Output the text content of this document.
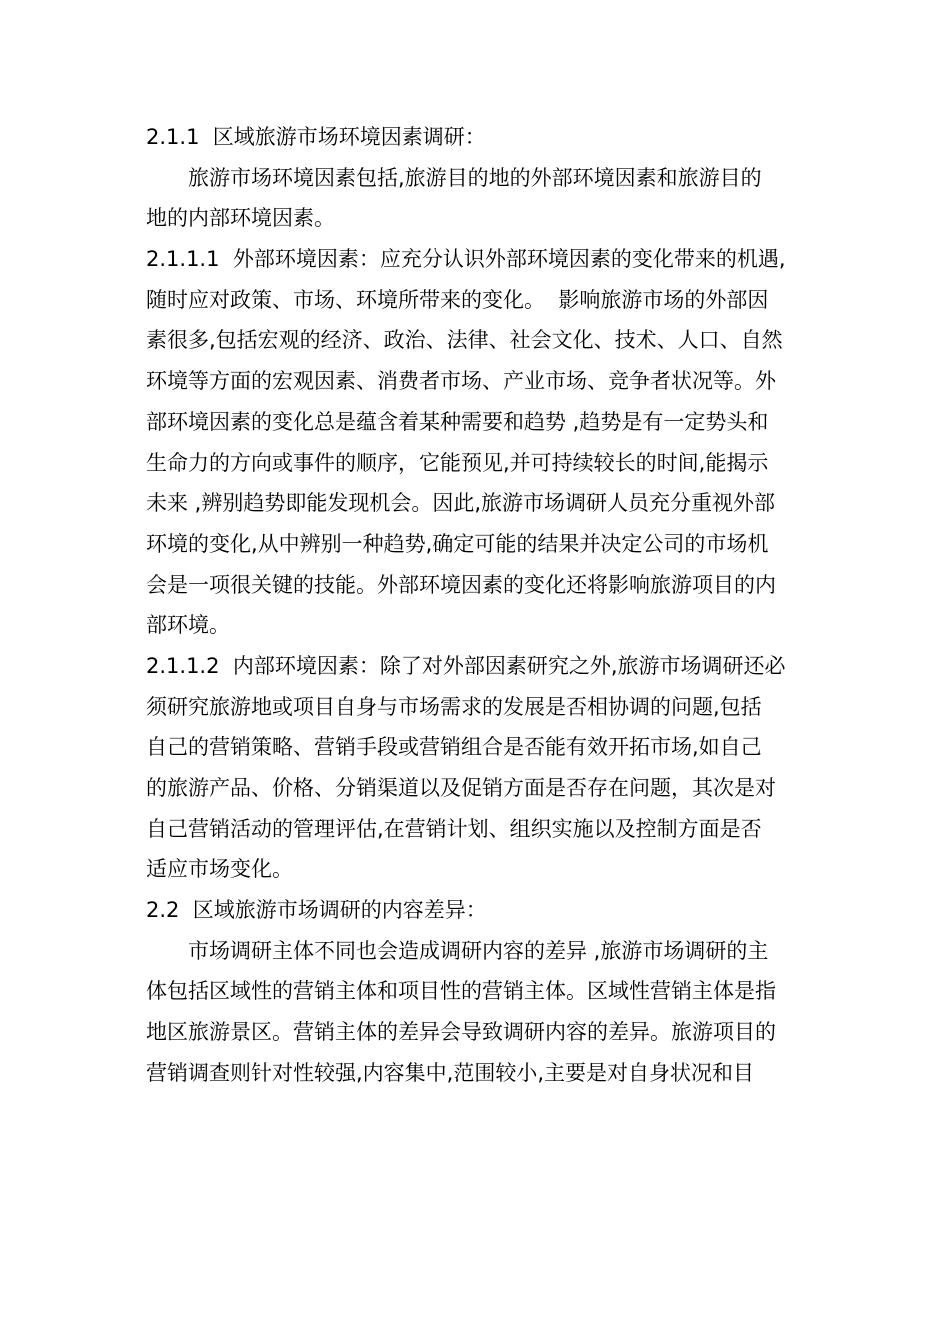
2.1.1  区域旅游市场环境因素调研：
旅游市场环境因素包括,旅游目的地的外部环境因素和旅游目的
地的内部环境因素。
2.1.1.1  外部环境因素：应充分认识外部环境因素的变化带来的机遇,
随时应对政策、市场、环境所带来的变化。  影响旅游市场的外部因
素很多,包括宏观的经济、政治、法律、社会文化、技术、人口、自然
环境等方面的宏观因素、消费者市场、产业市场、竞争者状况等。外
部环境因素的变化总是蕴含着某种需要和趋势 ,趋势是有一定势头和
生命力的方向或事件的顺序，它能预见,并可持续较长的时间,能揭示
未来 ,辨别趋势即能发现机会。因此,旅游市场调研人员充分重视外部
环境的变化,从中辨别一种趋势,确定可能的结果并决定公司的市场机
会是一项很关键的技能。外部环境因素的变化还将影响旅游项目的内
部环境。
2.1.1.2  内部环境因素：除了对外部因素研究之外,旅游市场调研还必
须研究旅游地或项目自身与市场需求的发展是否相协调的问题,包括
自己的营销策略、营销手段或营销组合是否能有效开拓市场,如自己
的旅游产品、价格、分销渠道以及促销方面是否存在问题，其次是对
自己营销活动的管理评估,在营销计划、组织实施以及控制方面是否
适应市场变化。
2.2  区域旅游市场调研的内容差异：
市场调研主体不同也会造成调研内容的差异 ,旅游市场调研的主
体包括区域性的营销主体和项目性的营销主体。区域性营销主体是指
地区旅游景区。营销主体的差异会导致调研内容的差异。旅游项目的
营销调查则针对性较强,内容集中,范围较小,主要是对自身状况和目
